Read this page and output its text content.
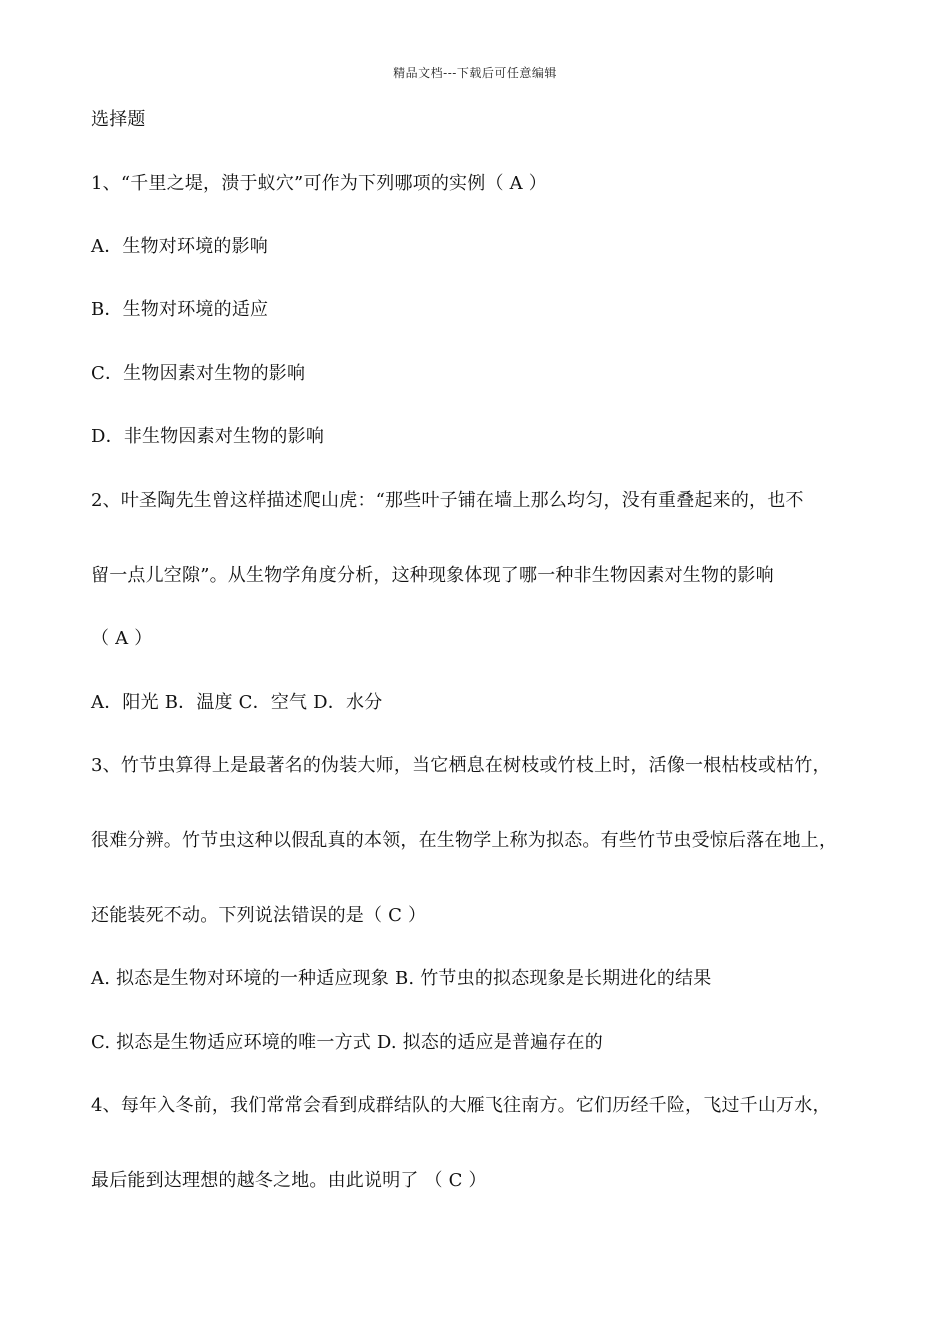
精品文档---下载后可任意编辑
选择题
1、“千里之堤，溃于蚁穴”可作为下列哪项的实例（ A ）
A．生物对环境的影响
B．生物对环境的适应
C．生物因素对生物的影响
D．非生物因素对生物的影响
2、叶圣陶先生曾这样描述爬山虎：“那些叶子铺在墙上那么均匀，没有重叠起来的，也不
留一点儿空隙”。从生物学角度分析，这种现象体现了哪一种非生物因素对生物的影响
（ A ）
A．阳光 B．温度 C．空气 D．水分
3、竹节虫算得上是最著名的伪装大师，当它栖息在树枝或竹枝上时，活像一根枯枝或枯竹，
很难分辨。竹节虫这种以假乱真的本领，在生物学上称为拟态。有些竹节虫受惊后落在地上，
还能装死不动。下列说法错误的是（ C ）
A. 拟态是生物对环境的一种适应现象 B. 竹节虫的拟态现象是长期进化的结果
C. 拟态是生物适应环境的唯一方式 D. 拟态的适应是普遍存在的
4、每年入冬前，我们常常会看到成群结队的大雁飞往南方。它们历经千险，飞过千山万水，
最后能到达理想的越冬之地。由此说明了 （ C ）
